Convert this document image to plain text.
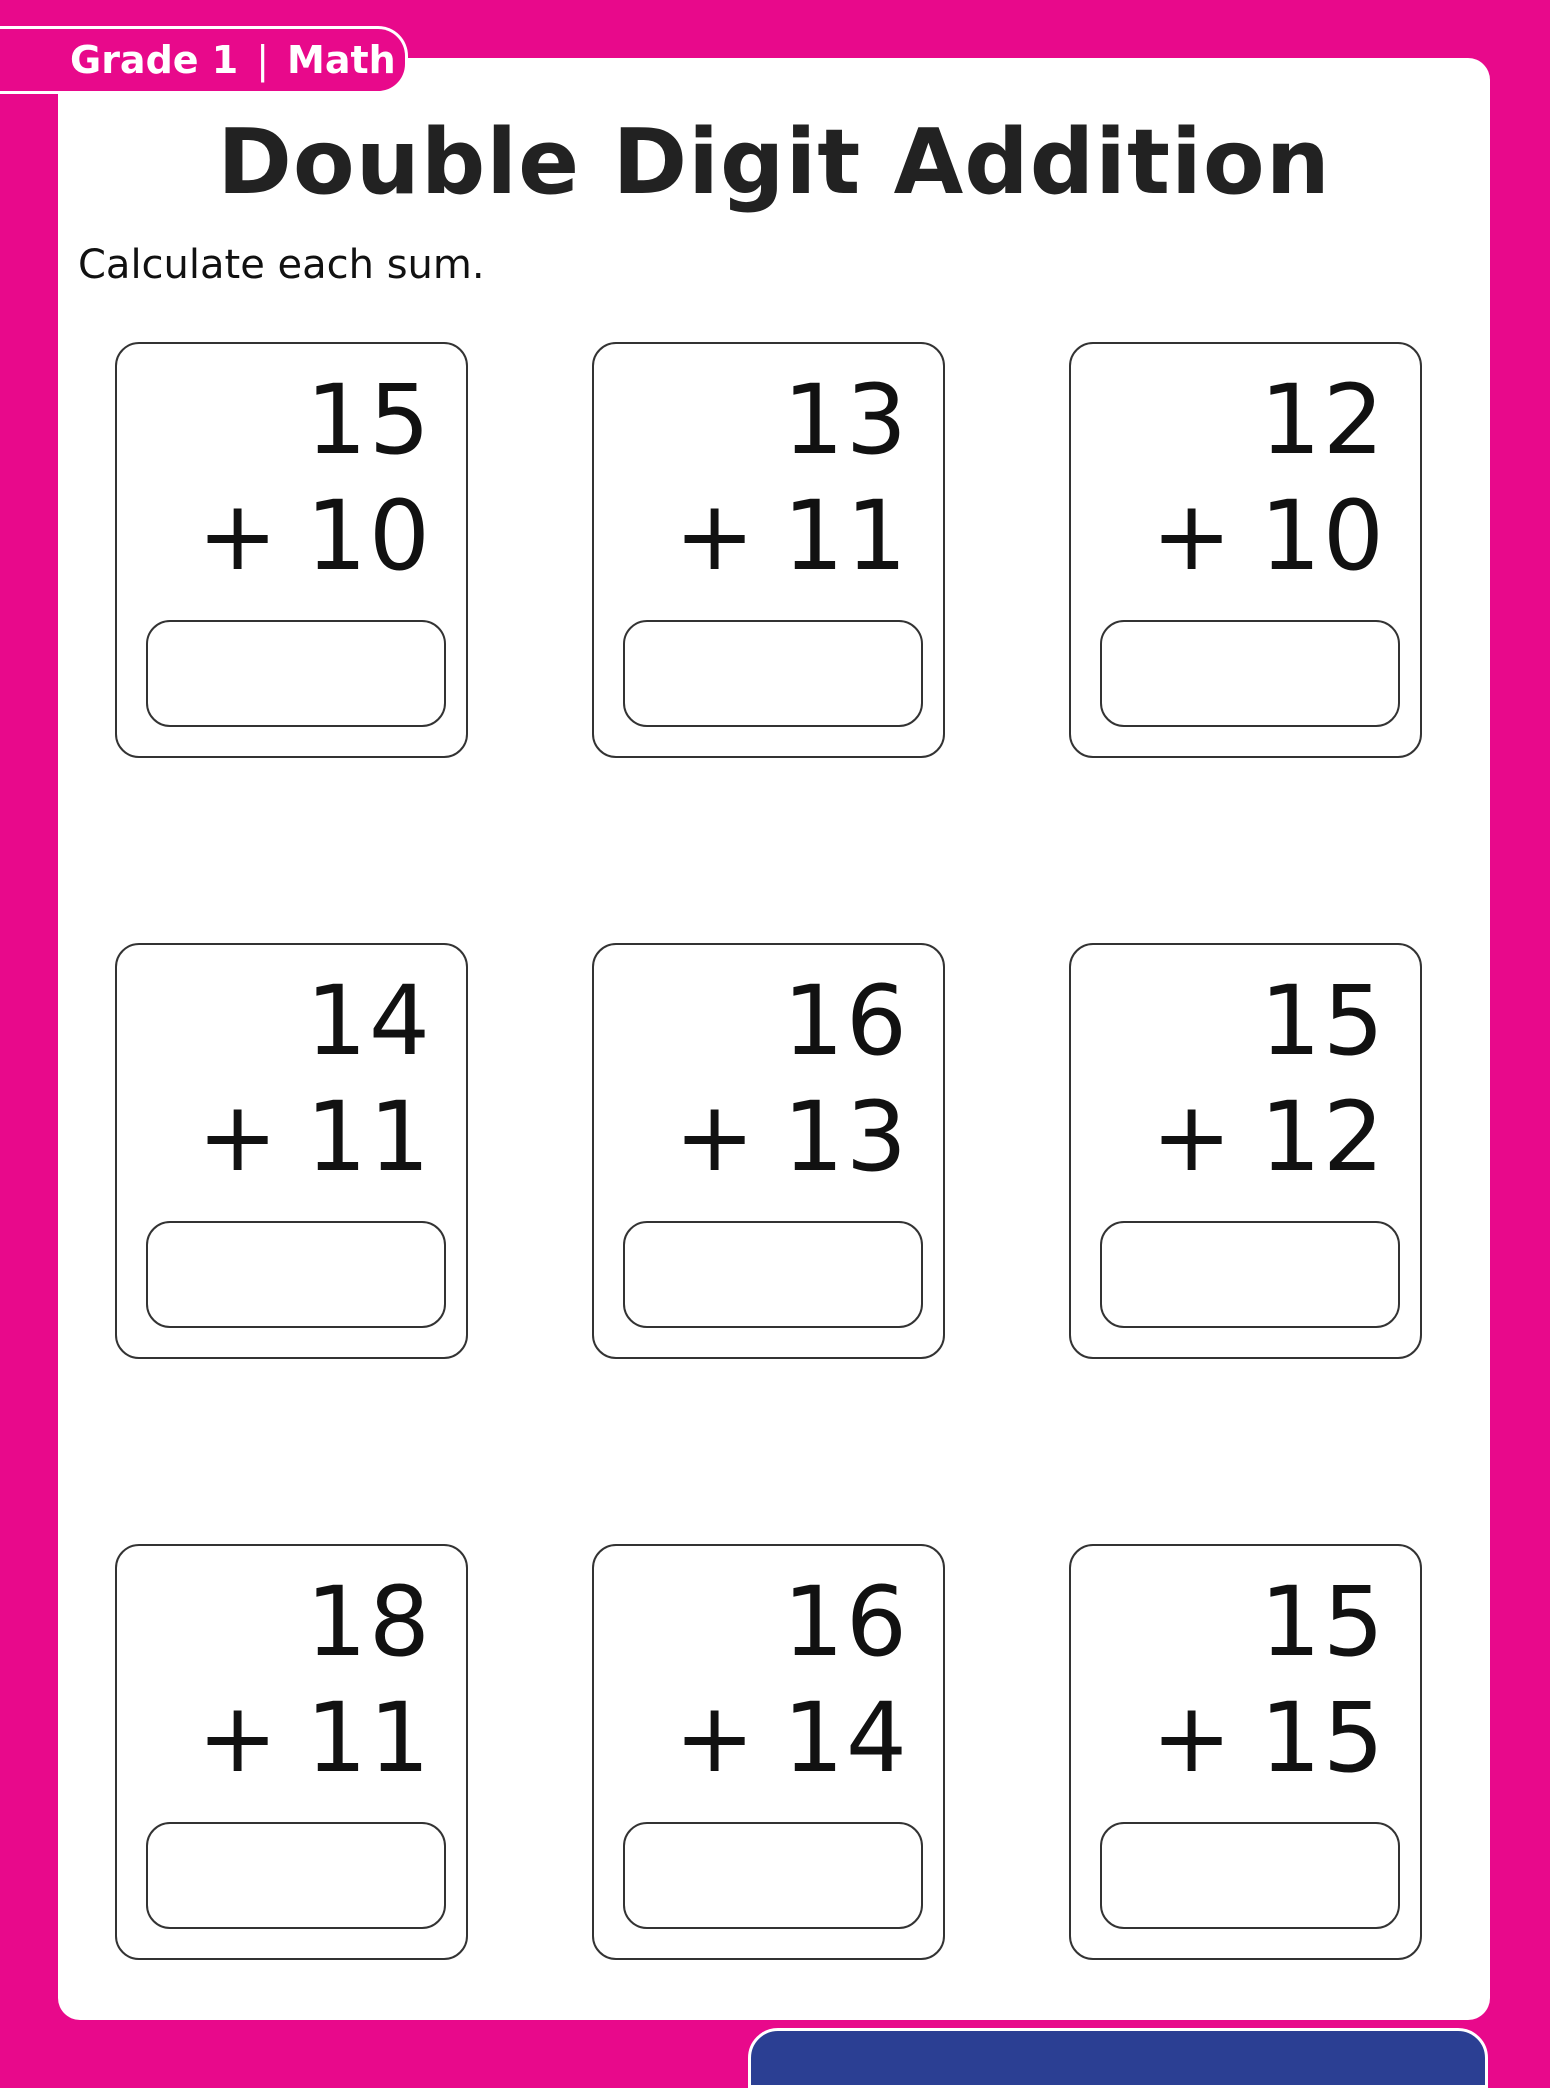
Grade 1 | Math
Double Digit Addition
Calculate each sum.
15
+ 10
13
+ 11
12
+ 10
14
+ 11
16
+ 13
15
+ 12
18
+ 11
16
+ 14
15
+ 15
